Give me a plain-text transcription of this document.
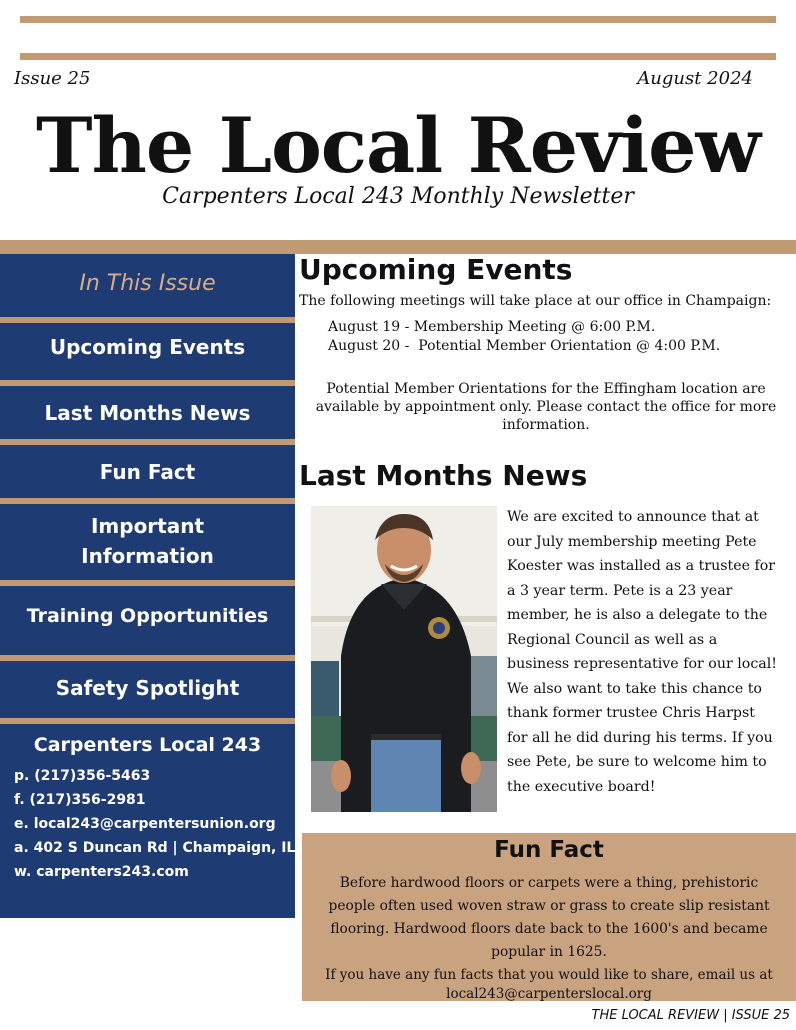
Issue 25	August 2024
The Local Review
Carpenters Local 243 Monthly Newsletter
In This Issue
Upcoming Events
Last Months News
Fun Fact
Important
Information
Training Opportunities
Safety Spotlight
Carpenters Local 243
p. (217)356-5463
f. (217)356-2981
e. local243@carpentersunion.org
a. 402 S Duncan Rd | Champaign, IL
w. carpenters243.com
Upcoming Events
The following meetings will take place at our office in Champaign:
August 19 - Membership Meeting @ 6:00 P.M.
August 20 -  Potential Member Orientation @ 4:00 P.M.
Potential Member Orientations for the Effingham location are
available by appointment only. Please contact the office for more
information.
Last Months News
We are excited to announce that at
our July membership meeting Pete
Koester was installed as a trustee for
a 3 year term. Pete is a 23 year
member, he is also a delegate to the
Regional Council as well as a
business representative for our local!
We also want to take this chance to
thank former trustee Chris Harpst
for all he did during his terms. If you
see Pete, be sure to welcome him to
the executive board!
Fun Fact
Before hardwood floors or carpets were a thing, prehistoric
people often used woven straw or grass to create slip resistant
flooring. Hardwood floors date back to the 1600's and became
popular in 1625.
If you have any fun facts that you would like to share, email us at
local243@carpenterslocal.org
THE LOCAL REVIEW | ISSUE 25
